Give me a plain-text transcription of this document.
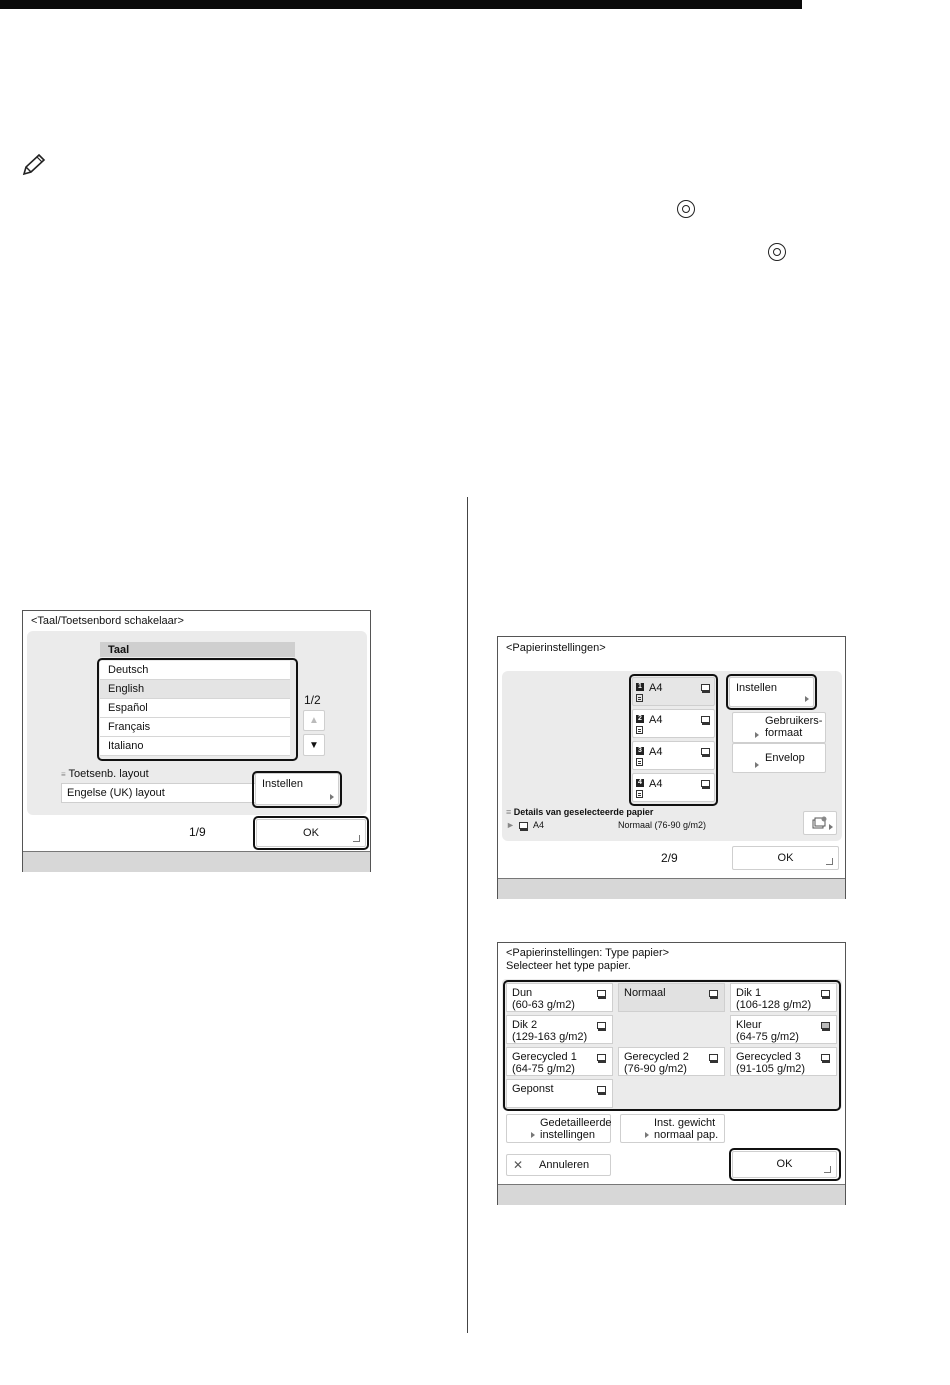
<Taal/Toetsenbord schakelaar>
Taal
Deutsch
English
Español
Français
Italiano
1/2
▲
▼
≡ Toetsenb. layout
Engelse (UK) layout
Instellen
1/9	OK
<Papierinstellingen>
1 A4
2 A4
3 A4
4 A4
Instellen
Gebruikers-
formaat
Envelop
≡ Details van geselecteerde papier
► A4	Normaal (76-90 g/m2)
2/9	OK
<Papierinstellingen: Type papier>
Selecteer het type papier.
Dun
(60-63 g/m2)
Normaal	Dik 1
(106-128 g/m2)
Dik 2
(129-163 g/m2)
Kleur
(64-75 g/m2)
Gerecycled 1
(64-75 g/m2)
Gerecycled 2
(76-90 g/m2)
Gerecycled 3
(91-105 g/m2)
Geponst
Gedetailleerde
instellingen
Inst. gewicht
normaal pap.
✕ Annuleren	OK
